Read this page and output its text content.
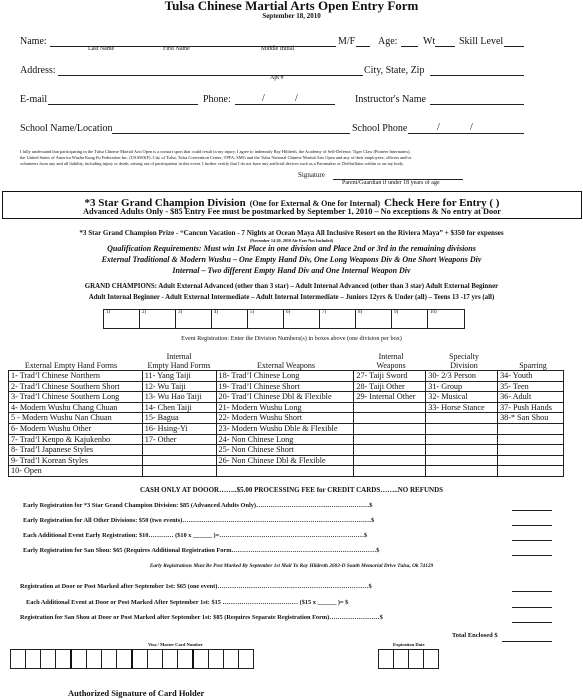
Tulsa Chinese Martial Arts Open Entry Form
September 18, 2010
Name:	M/F Age:	Wt Skill Level
Last Name	First Name	Middle Initial
Address:	City, State, Zip
Apt #
E-mail	Phone:	/	/	Instructor's Name
School Name/Location	School Phone	/	/
I fully understand that participating in the Tulsa Chinese Martial Arts Open is a contact sport that could result in my injury. I agree to indemnify Ray Hildreth, the Academy of Self-Defense, Tiger Claw (Pioneer Intermates),
the United States of America Wushu Kung Fu Federation Inc. (USAWKF), City of Tulsa, Tulsa Convention Center, TPFA, SMG and the Tulsa National Chinese Martial Arts Open and any of their employees, officers and/or
volunteers from any and all liability, including injury or death, arising out of participation in this event. I further certify that I do not have any artificial devices such as a Pacemaker or Defibrillator within or on my body.
Signature
Parent/Guardian if under 18 years of age
*3 Star Grand Champion Division (One for External & One for Internal) Check Here for Entry ( )
Advanced Adults Only - $85 Entry Fee must be postmarked by September 1, 2010 – No exceptions & No entry at Door
*3 Star Grand Champion Prize - “Cancun Vacation - 7 Nights at Ocean Maya All Inclusive Resort on the Riviera Maya” + $350 for expenses
(November 14-20, 2010 Air Fare Not Included)
Qualification Requirements: Must win 1st Place in one division and Place 2nd or 3rd in the remaining divisions
External Traditional & Modern Wushu – One Empty Hand Div, One Long Weapons Div & One Short Weapons Div
Internal – Two different Empty Hand Div and One Internal Weapon Div
GRAND CHAMPIONS: Adult External Advanced (other than 3 star) – Adult Internal Advanced (other than 3 star) Adult External Beginner
Adult Internal Beginner - Adult External Intermediate – Adult Internal Intermediate – Juniors 12yrs & Under (all) – Teens 13 -17 yrs (all)
1)	2)	3)	4)	5)	6)	7)	8)	9)	10)
Event Registration: Enter the Division Numbers(s) in boxes above (one division per box)
External Empty Hand Forms
Internal
Empty Hand Forms	External Weapons
Internal
Weapons
Specialty
Division	Sparring
1- Trad’l Chinese Northern	11- Yang Taiji	18- Trad’l Chinese Long	27- Taiji Sword	30- 2/3 Person	34- Youth
2- Trad’l Chinese Southern Short	12- Wu Taiji	19- Trad’l Chinese Short	28- Taiji Other	31- Group	35- Teen
3- Trad’l Chinese Southern Long	13- Wu Hao Taiji	20- Trad’l Chinese Dbl & Flexible	29- Internal Other	32- Musical	36- Adult
4- Modern Wushu Chang Chuan	14- Chen Taiji	21- Modern Wushu Long		33- Horse Stance	37- Push Hands
5 - Modern Wushu Nan Chuan	15- Bagua	22- Modern Wushu Short			38-* San Shou
6- Modern Wushu Other	16- Hsing-Yi	23- Modern Wushu Dble & Flexible			
7- Trad’l Kenpo & Kajukenbo	17- Other	24- Non Chinese Long			
8- Trad’l Japanese Styles		25- Non Chinese Short			
9- Trad’l Korean Styles		26- Non Chinese Dbl & Flexible			
10- Open					
CASH ONLY AT DOOOR……..$5.00 PROCESSING FEE for CREDIT CARDS……..NO REFUNDS
Early Registration for *3 Star Grand Champion Division: $85 (Advanced Adults Only)………………………………………………$
Early Registration for All Other Divisions: $50 (two events)………………………………………………………………………………$
Each Additional Event Early Registration: $10………… ($10 x ______ )=……………………………………………………………$
Early Registration for San Shou: $65 (Requires Additional Registration Form……………………………………………………………$
Early Registrations Must Be Post Marked By September 1st Mail To Ray Hildreth 2603-D South Memorial Drive Tulsa, Ok 74129
Registration at Door or Post Marked after September 1st: $65 (one event)………………………………………………………………$
Each Additional Event at Door or Post Marked After September 1st: $15 ……………………………… ($15 x ______ )= $
Registration for San Shou at Door or Post Marked after September 1st: $85 (Requires Separate Registration Form)……………………$
Total Enclosed $
Visa / Master Card Number
																Expiration Date

Authorized Signature of Card Holder
